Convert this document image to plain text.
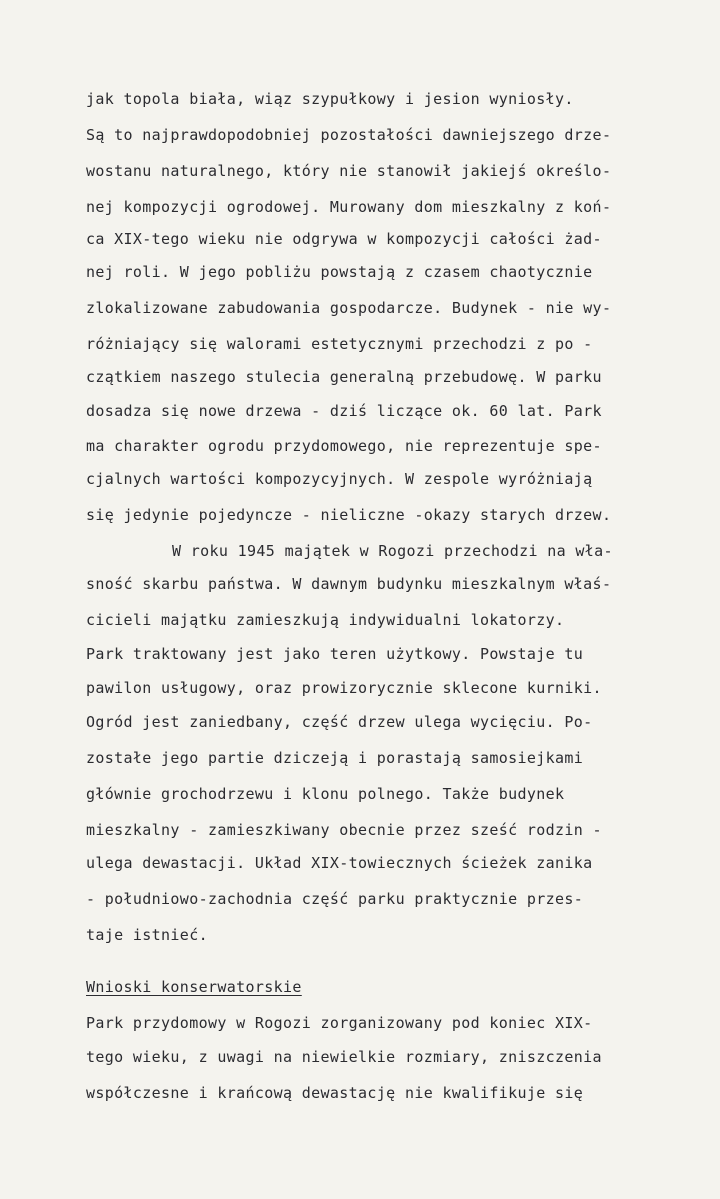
jak topola biała, wiąz szypułkowy i jesion wyniosły.
Są to najprawdopodobniej pozostałości dawniejszego drze-
wostanu naturalnego, który nie stanowił jakiejś określo-
nej kompozycji ogrodowej. Murowany dom mieszkalny z koń-
ca XIX-tego wieku nie odgrywa w kompozycji całości żad-
nej roli. W jego pobliżu powstają z czasem chaotycznie
zlokalizowane zabudowania gospodarcze. Budynek - nie wy-
różniający się walorami estetycznymi przechodzi z po -
czątkiem naszego stulecia generalną przebudowę. W parku
dosadza się nowe drzewa - dziś liczące ok. 60 lat. Park
ma charakter ogrodu przydomowego, nie reprezentuje spe-
cjalnych wartości kompozycyjnych. W zespole wyróżniają
się jedynie pojedyncze - nieliczne -okazy starych drzew.
W roku 1945 majątek w Rogozi przechodzi na wła-
sność skarbu państwa. W dawnym budynku mieszkalnym właś-
cicieli majątku zamieszkują indywidualni lokatorzy.
Park traktowany jest jako teren użytkowy. Powstaje tu
pawilon usługowy, oraz prowizorycznie sklecone kurniki.
Ogród jest zaniedbany, część drzew ulega wycięciu. Po-
zostałe jego partie dziczeją i porastają samosiejkami
głównie grochodrzewu i klonu polnego. Także budynek
mieszkalny - zamieszkiwany obecnie przez sześć rodzin -
ulega dewastacji. Układ XIX-towiecznych ścieżek zanika
- południowo-zachodnia część parku praktycznie przes-
taje istnieć.
Wnioski konserwatorskie
Park przydomowy w Rogozi zorganizowany pod koniec XIX-
tego wieku, z uwagi na niewielkie rozmiary, zniszczenia
współczesne i krańcową dewastację nie kwalifikuje się
